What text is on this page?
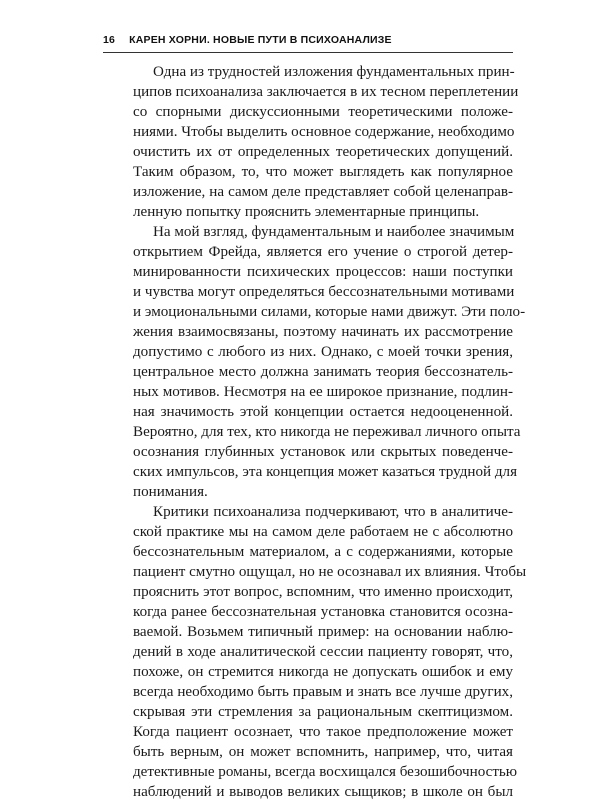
16 КАРЕН ХОРНИ. НОВЫЕ ПУТИ В ПСИХОАНАЛИЗЕ
Одна из трудностей изложения фундаментальных прин-
ципов психоанализа заключается в их тесном переплетении
со спорными дискуссионными теоретическими положе-
ниями. Чтобы выделить основное содержание, необходимо
очистить их от определенных теоретических допущений.
Таким образом, то, что может выглядеть как популярное
изложение, на самом деле представляет собой целенаправ-
ленную попытку прояснить элементарные принципы.
На мой взгляд, фундаментальным и наиболее значимым
открытием Фрейда, является его учение о строгой детер-
минированности психических процессов: наши поступки
и чувства могут определяться бессознательными мотивами
и эмоциональными силами, которые нами движут. Эти поло-
жения взаимосвязаны, поэтому начинать их рассмотрение
допустимо с любого из них. Однако, с моей точки зрения,
центральное место должна занимать теория бессознатель-
ных мотивов. Несмотря на ее широкое признание, подлин-
ная значимость этой концепции остается недооцененной.
Вероятно, для тех, кто никогда не переживал личного опыта
осознания глубинных установок или скрытых поведенче-
ских импульсов, эта концепция может казаться трудной для
понимания.
Критики психоанализа подчеркивают, что в аналитиче-
ской практике мы на самом деле работаем не с абсолютно
бессознательным материалом, а с содержаниями, которые
пациент смутно ощущал, но не осознавал их влияния. Чтобы
прояснить этот вопрос, вспомним, что именно происходит,
когда ранее бессознательная установка становится осозна-
ваемой. Возьмем типичный пример: на основании наблю-
дений в ходе аналитической сессии пациенту говорят, что,
похоже, он стремится никогда не допускать ошибок и ему
всегда необходимо быть правым и знать все лучше других,
скрывая эти стремления за рациональным скептицизмом.
Когда пациент осознает, что такое предположение может
быть верным, он может вспомнить, например, что, читая
детективные романы, всегда восхищался безошибочностью
наблюдений и выводов великих сыщиков; в школе он был
